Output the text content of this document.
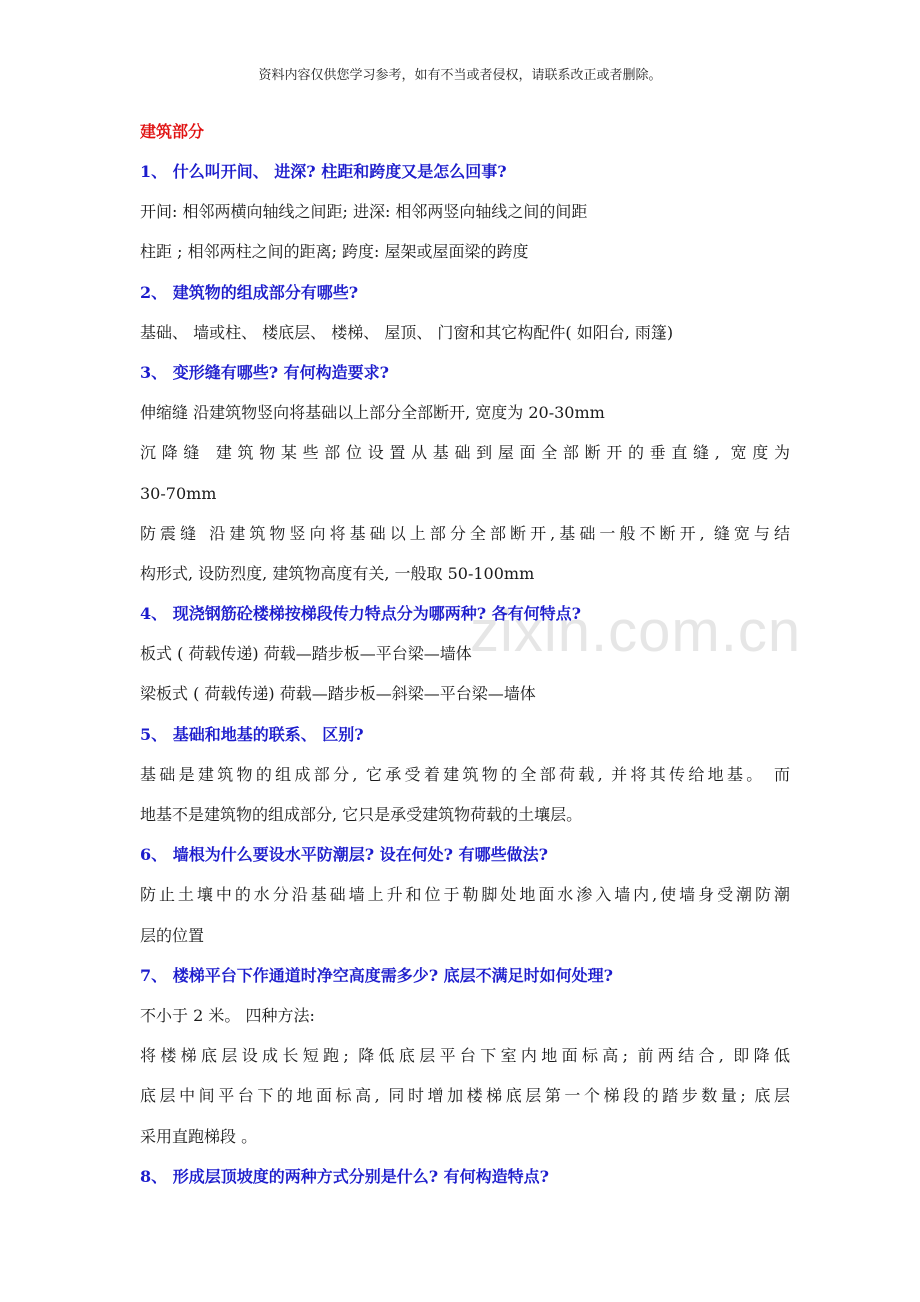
资料内容仅供您学习参考，如有不当或者侵权，请联系改正或者删除。
zixin.com.cn
建筑部分
1、 什么叫开间、 进深? 柱距和跨度又是怎么回事?
开间: 相邻两横向轴线之间距; 进深: 相邻两竖向轴线之间的间距
柱距 ; 相邻两柱之间的距离; 跨度: 屋架或屋面梁的跨度
2、 建筑物的组成部分有哪些?
基础、 墙或柱、 楼底层、 楼梯、 屋顶、 门窗和其它构配件( 如阳台, 雨篷)
3、 变形缝有哪些? 有何构造要求?
伸缩缝 沿建筑物竖向将基础以上部分全部断开, 宽度为 20-30mm
沉降缝 建筑物某些部位设置从基础到屋面全部断开的垂直缝, 宽度为
30-70mm
防震缝 沿建筑物竖向将基础以上部分全部断开,基础一般不断开, 缝宽与结
构形式, 设防烈度, 建筑物高度有关, 一般取 50-100mm
4、 现浇钢筋砼楼梯按梯段传力特点分为哪两种? 各有何特点?
板式 ( 荷载传递) 荷载—踏步板—平台梁—墙体
梁板式 ( 荷载传递) 荷载—踏步板—斜梁—平台梁—墙体
5、 基础和地基的联系、 区别?
基础是建筑物的组成部分, 它承受着建筑物的全部荷载, 并将其传给地基。 而
地基不是建筑物的组成部分, 它只是承受建筑物荷载的土壤层。
6、 墙根为什么要设水平防潮层? 设在何处? 有哪些做法?
防止土壤中的水分沿基础墙上升和位于勒脚处地面水渗入墙内,使墙身受潮防潮
层的位置
7、 楼梯平台下作通道时净空高度需多少? 底层不满足时如何处理?
不小于 2 米。 四种方法:
将楼梯底层设成长短跑; 降低底层平台下室内地面标高; 前两结合, 即降低
底层中间平台下的地面标高, 同时增加楼梯底层第一个梯段的踏步数量; 底层
采用直跑梯段 。
8、 形成层顶坡度的两种方式分别是什么? 有何构造特点?
